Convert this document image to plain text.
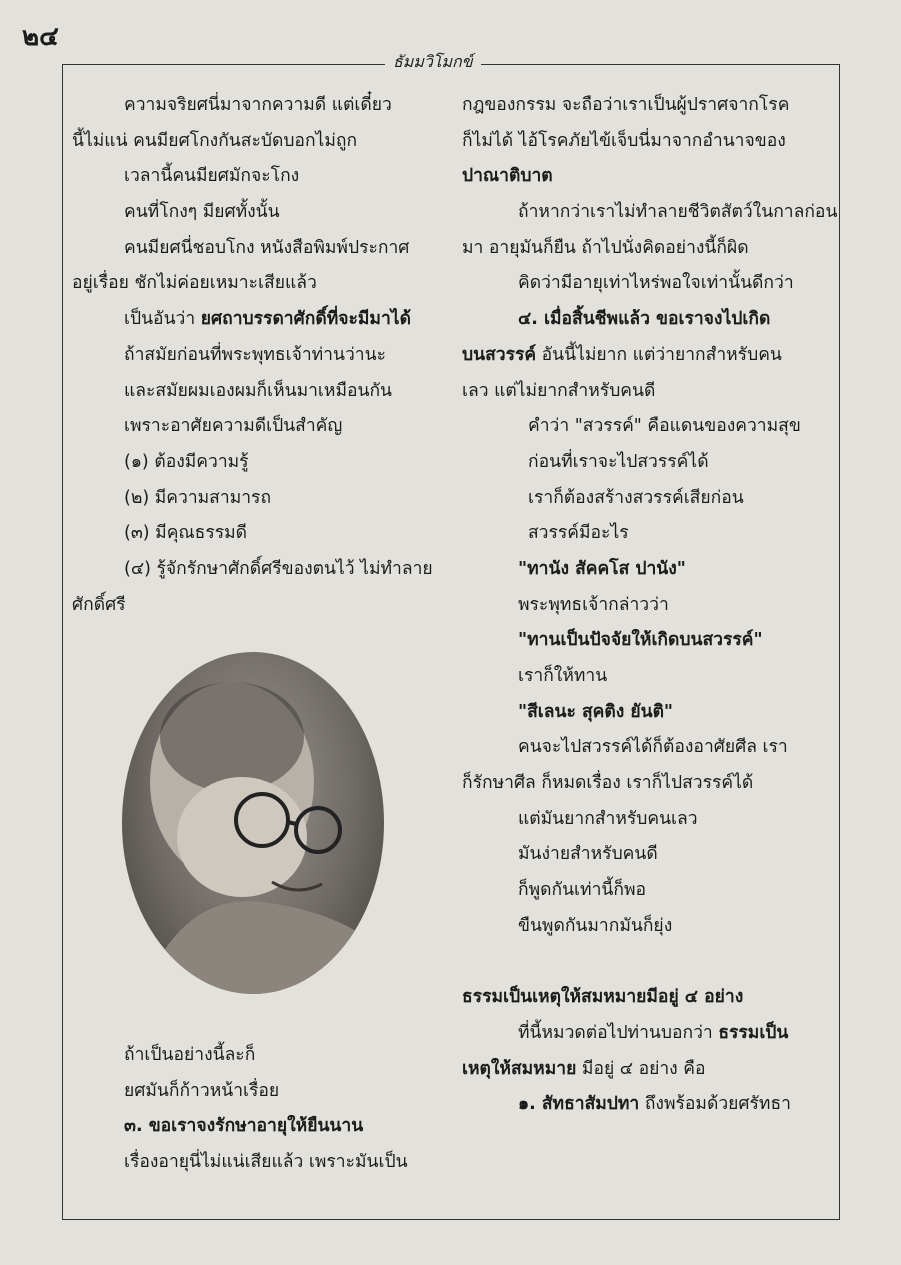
๒๔
ธัมมวิโมกข์
ความจริยศนี่มาจากความดี แต่เดี๋ยว
นี้ไม่แน่ คนมียศโกงกันสะบัดบอกไม่ถูก
เวลานี้คนมียศมักจะโกง
คนที่โกงๆ มียศทั้งนั้น
คนมียศนี่ชอบโกง หนังสือพิมพ์ประกาศ
อยู่เรื่อย ชักไม่ค่อยเหมาะเสียแล้ว
เป็นอันว่า ยศถาบรรดาศักดิ์ที่จะมีมาได้
ถ้าสมัยก่อนที่พระพุทธเจ้าท่านว่านะ
และสมัยผมเองผมก็เห็นมาเหมือนกัน
เพราะอาศัยความดีเป็นสำคัญ
(๑) ต้องมีความรู้
(๒) มีความสามารถ
(๓) มีคุณธรรมดี
(๔) รู้จักรักษาศักดิ์ศรีของตนไว้ ไม่ทำลาย
ศักดิ์ศรี
ถ้าเป็นอย่างนี้ละก็
ยศมันก็ก้าวหน้าเรื่อย
๓. ขอเราจงรักษาอายุให้ยืนนาน
เรื่องอายุนี่ไม่แน่เสียแล้ว เพราะมันเป็น
กฎของกรรม จะถือว่าเราเป็นผู้ปราศจากโรค
ก็ไม่ได้ ไอ้โรคภัยไข้เจ็บนี่มาจากอำนาจของ
ปาณาติบาต
ถ้าหากว่าเราไม่ทำลายชีวิตสัตว์ในกาลก่อน
มา อายุมันก็ยืน ถ้าไปนั่งคิดอย่างนี้ก็ผิด
คิดว่ามีอายุเท่าไหร่พอใจเท่านั้นดีกว่า
๔. เมื่อสิ้นชีพแล้ว ขอเราจงไปเกิด
บนสวรรค์ อันนี้ไม่ยาก แต่ว่ายากสำหรับคน
เลว แต่ไม่ยากสำหรับคนดี
คำว่า "สวรรค์" คือแดนของความสุข
ก่อนที่เราจะไปสวรรค์ได้
เราก็ต้องสร้างสวรรค์เสียก่อน
สวรรค์มีอะไร
"ทานัง สัคคโส ปานัง"
พระพุทธเจ้ากล่าวว่า
"ทานเป็นปัจจัยให้เกิดบนสวรรค์"
เราก็ให้ทาน
"สีเลนะ สุคติง ยันติ"
คนจะไปสวรรค์ได้ก็ต้องอาศัยศีล เรา
ก็รักษาศีล ก็หมดเรื่อง เราก็ไปสวรรค์ได้
แต่มันยากสำหรับคนเลว
มันง่ายสำหรับคนดี
ก็พูดกันเท่านี้ก็พอ
ขืนพูดกันมากมันก็ยุ่ง
ธรรมเป็นเหตุให้สมหมายมีอยู่ ๔ อย่าง
ที่นี้หมวดต่อไปท่านบอกว่า ธรรมเป็น
เหตุให้สมหมาย มีอยู่ ๔ อย่าง คือ
๑. สัทธาสัมปทา ถึงพร้อมด้วยศรัทธา
